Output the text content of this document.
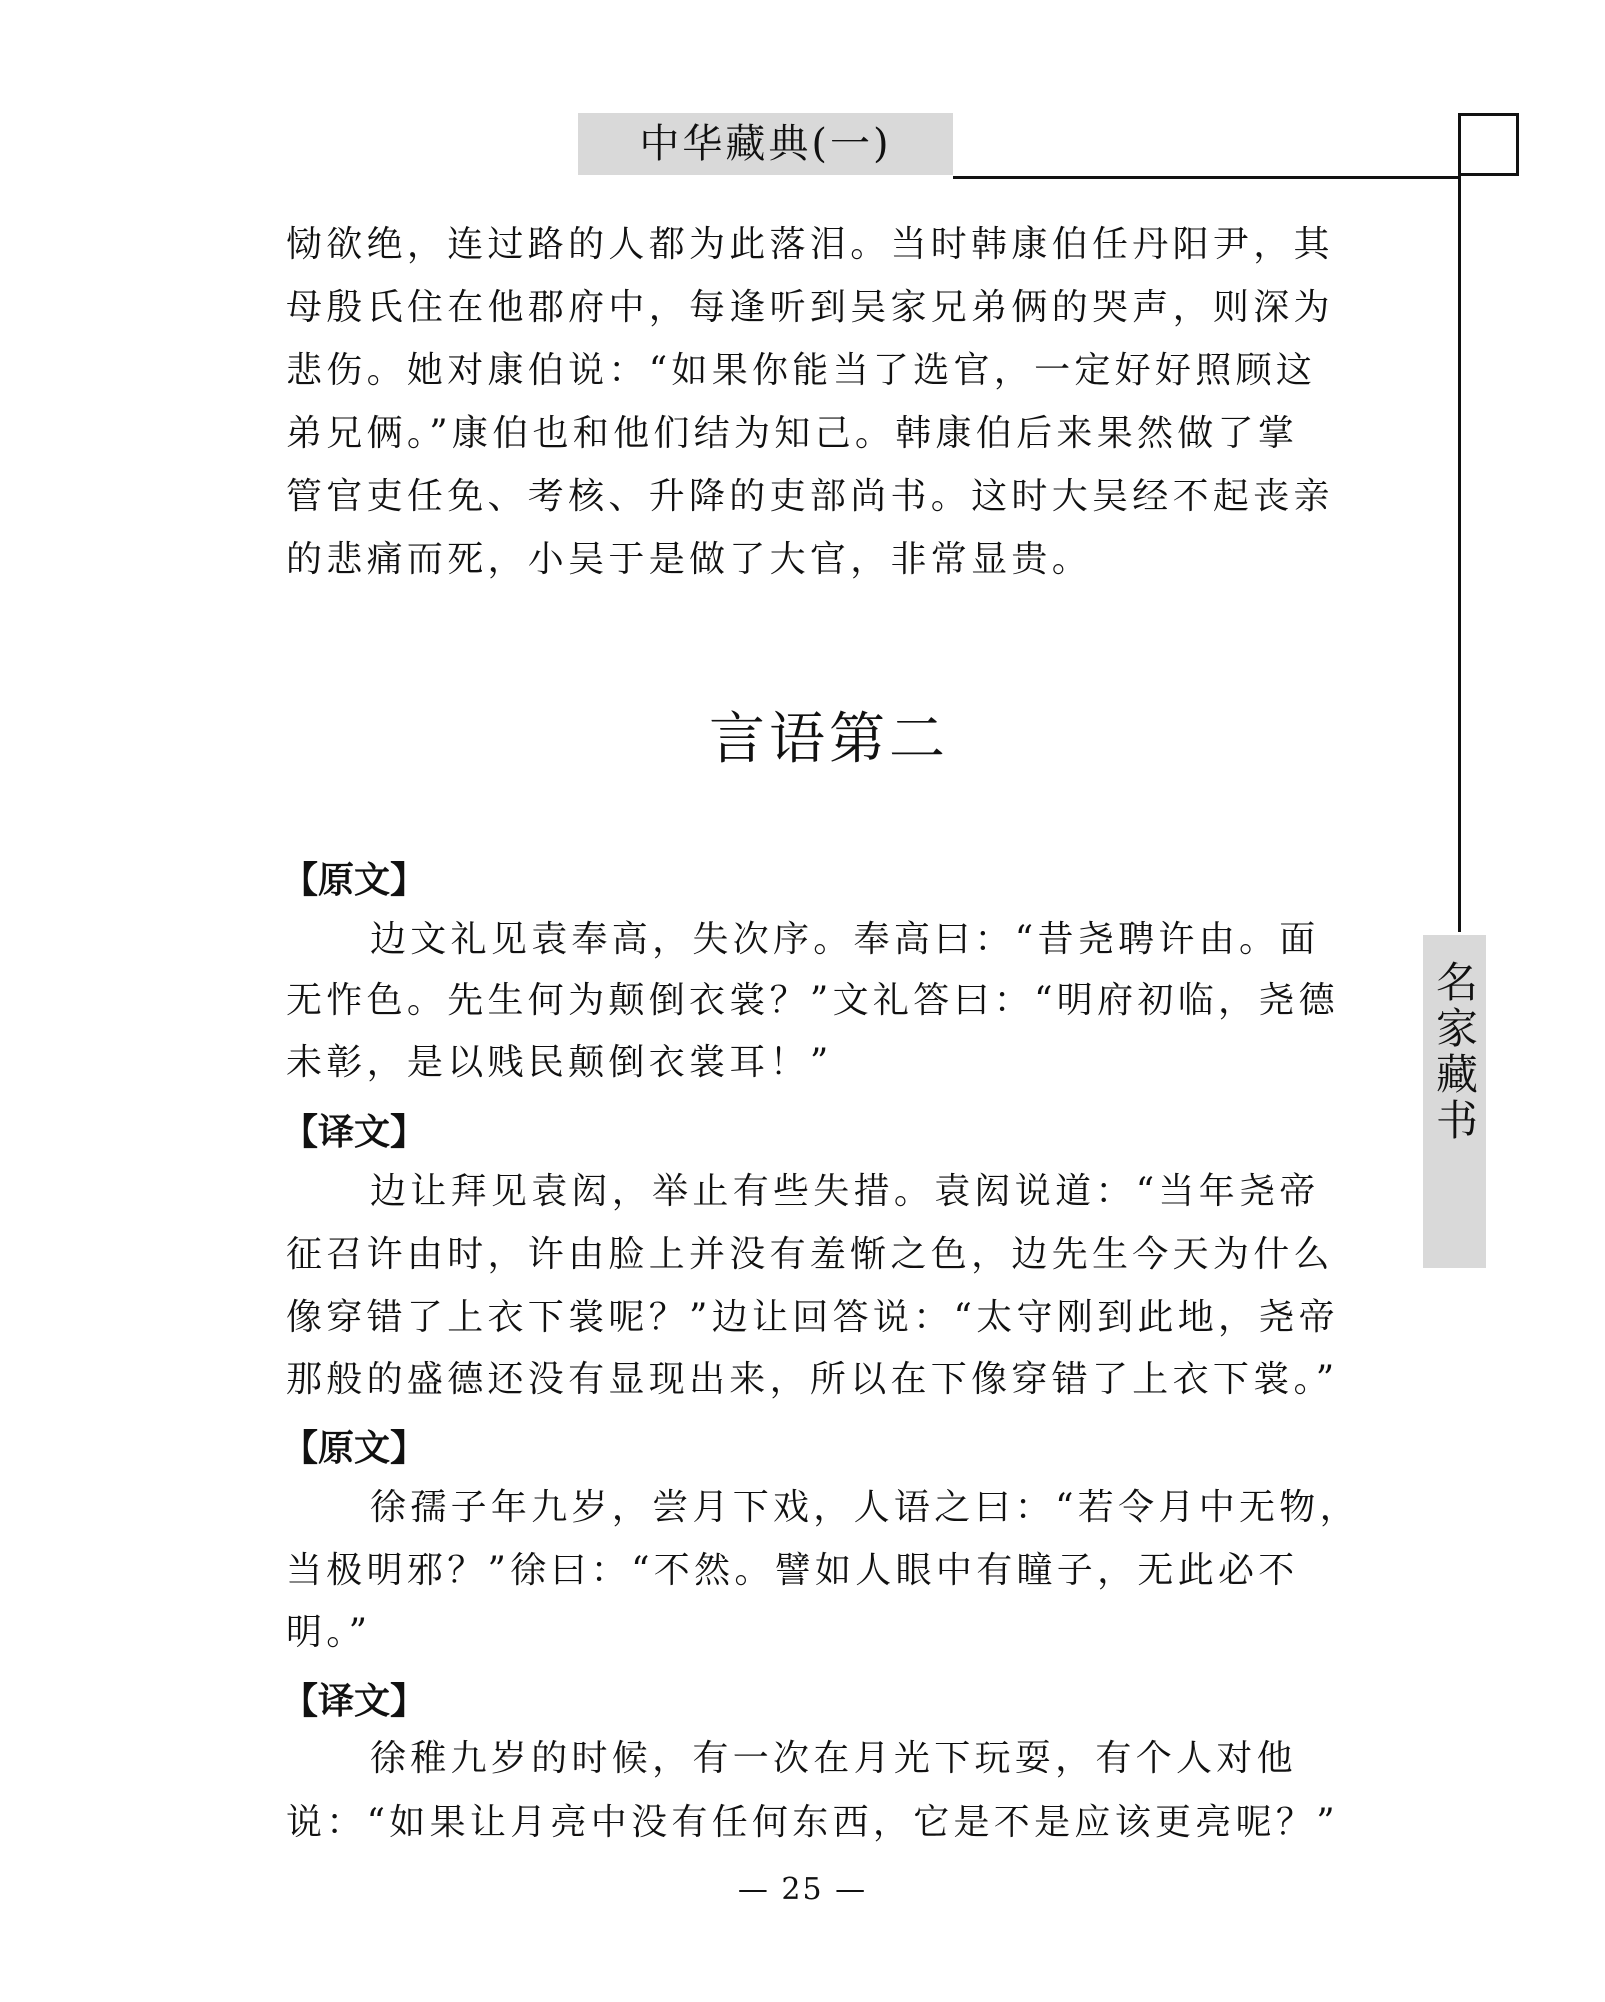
中华藏典(一)
名家藏书
恸欲绝，连过路的人都为此落泪。当时韩康伯任丹阳尹，其
母殷氏住在他郡府中，每逢听到吴家兄弟俩的哭声，则深为
悲伤。她对康伯说：“如果你能当了选官，一定好好照顾这
弟兄俩。”康伯也和他们结为知己。韩康伯后来果然做了掌
管官吏任免、考核、升降的吏部尚书。这时大吴经不起丧亲
的悲痛而死，小吴于是做了大官，非常显贵。
言语第二
【原文】
边文礼见袁奉高，失次序。奉高曰：“昔尧聘许由。面
无怍色。先生何为颠倒衣裳？”文礼答曰：“明府初临，尧德
未彰，是以贱民颠倒衣裳耳！”
【译文】
边让拜见袁闳，举止有些失措。袁闳说道：“当年尧帝
征召许由时，许由脸上并没有羞惭之色，边先生今天为什么
像穿错了上衣下裳呢？”边让回答说：“太守刚到此地，尧帝
那般的盛德还没有显现出来，所以在下像穿错了上衣下裳。”
【原文】
徐孺子年九岁，尝月下戏，人语之曰：“若令月中无物，
当极明邪？”徐曰：“不然。譬如人眼中有瞳子，无此必不
明。”
【译文】
徐稚九岁的时候，有一次在月光下玩耍，有个人对他
说：“如果让月亮中没有任何东西，它是不是应该更亮呢？”
— 25 —
